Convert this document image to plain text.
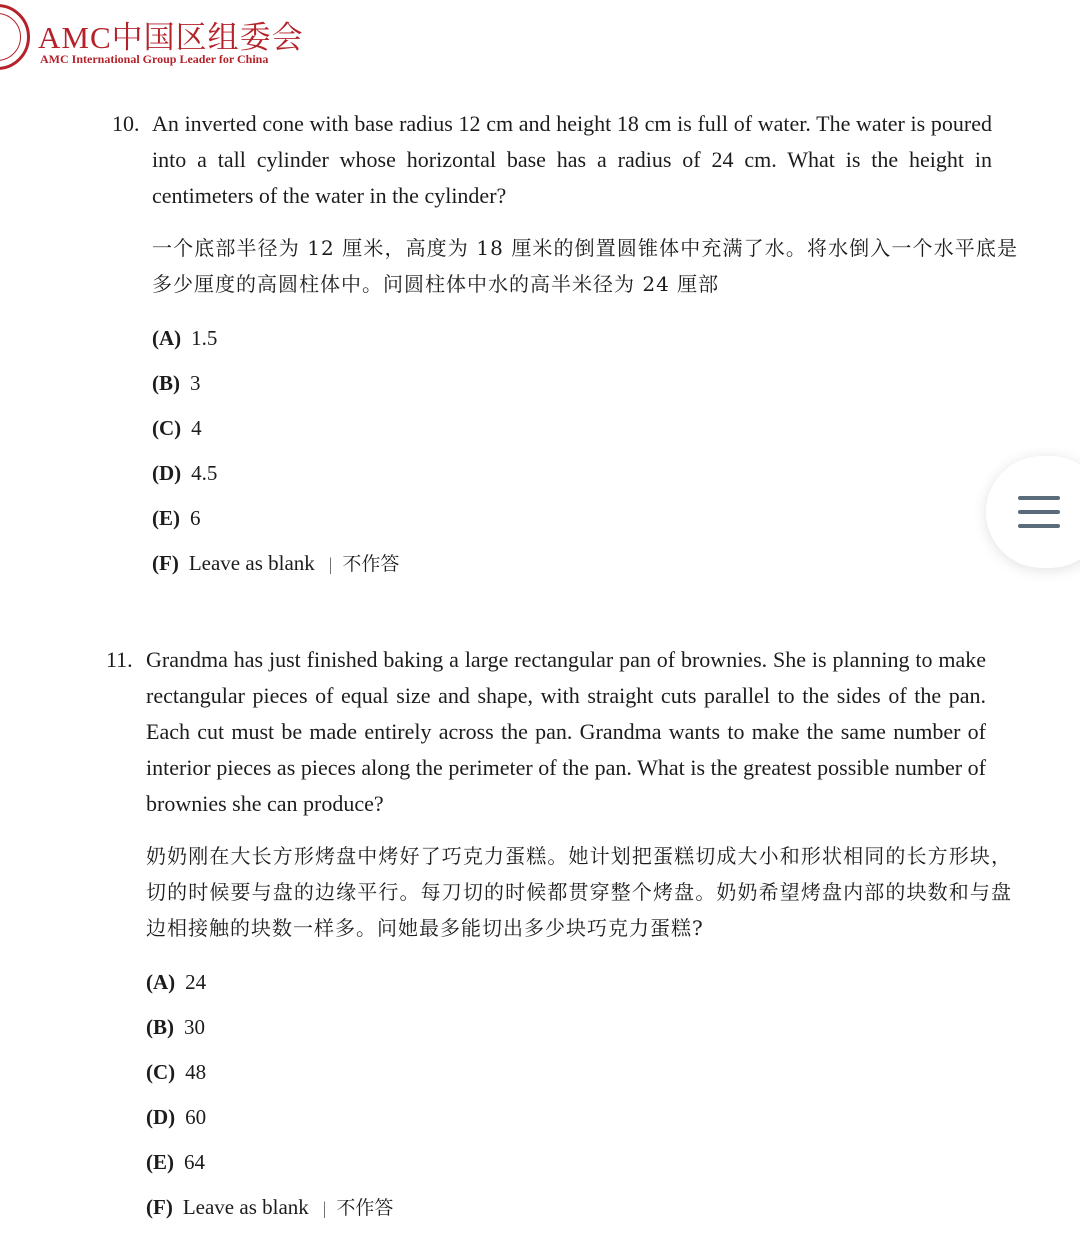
AMC中国区组委会
AMC International Group Leader for China
10. An inverted cone with base radius 12 cm and height 18 cm is full of water. The water is poured into a tall cylinder whose horizontal base has a radius of 24 cm. What is the height in centimeters of the water in the cylinder?
一个底部半径为 12 厘米，高度为 18 厘米的倒置圆锥体中充满了水。将水倒入一个水平底是多少厘度的高圆柱体中。问圆柱体中水的高半米径为 24 厘部
(A) 1.5
(B) 3
(C) 4
(D) 4.5
(E) 6
(F) Leave as blank | 不作答
11. Grandma has just finished baking a large rectangular pan of brownies. She is planning to make rectangular pieces of equal size and shape, with straight cuts parallel to the sides of the pan. Each cut must be made entirely across the pan. Grandma wants to make the same number of interior pieces as pieces along the perimeter of the pan. What is the greatest possible number of brownies she can produce?
奶奶刚在大长方形烤盘中烤好了巧克力蛋糕。她计划把蛋糕切成大小和形状相同的长方形块，切的时候要与盘的边缘平行。每刀切的时候都贯穿整个烤盘。奶奶希望烤盘内部的块数和与盘边相接触的块数一样多。问她最多能切出多少块巧克力蛋糕?
(A) 24
(B) 30
(C) 48
(D) 60
(E) 64
(F) Leave as blank | 不作答
